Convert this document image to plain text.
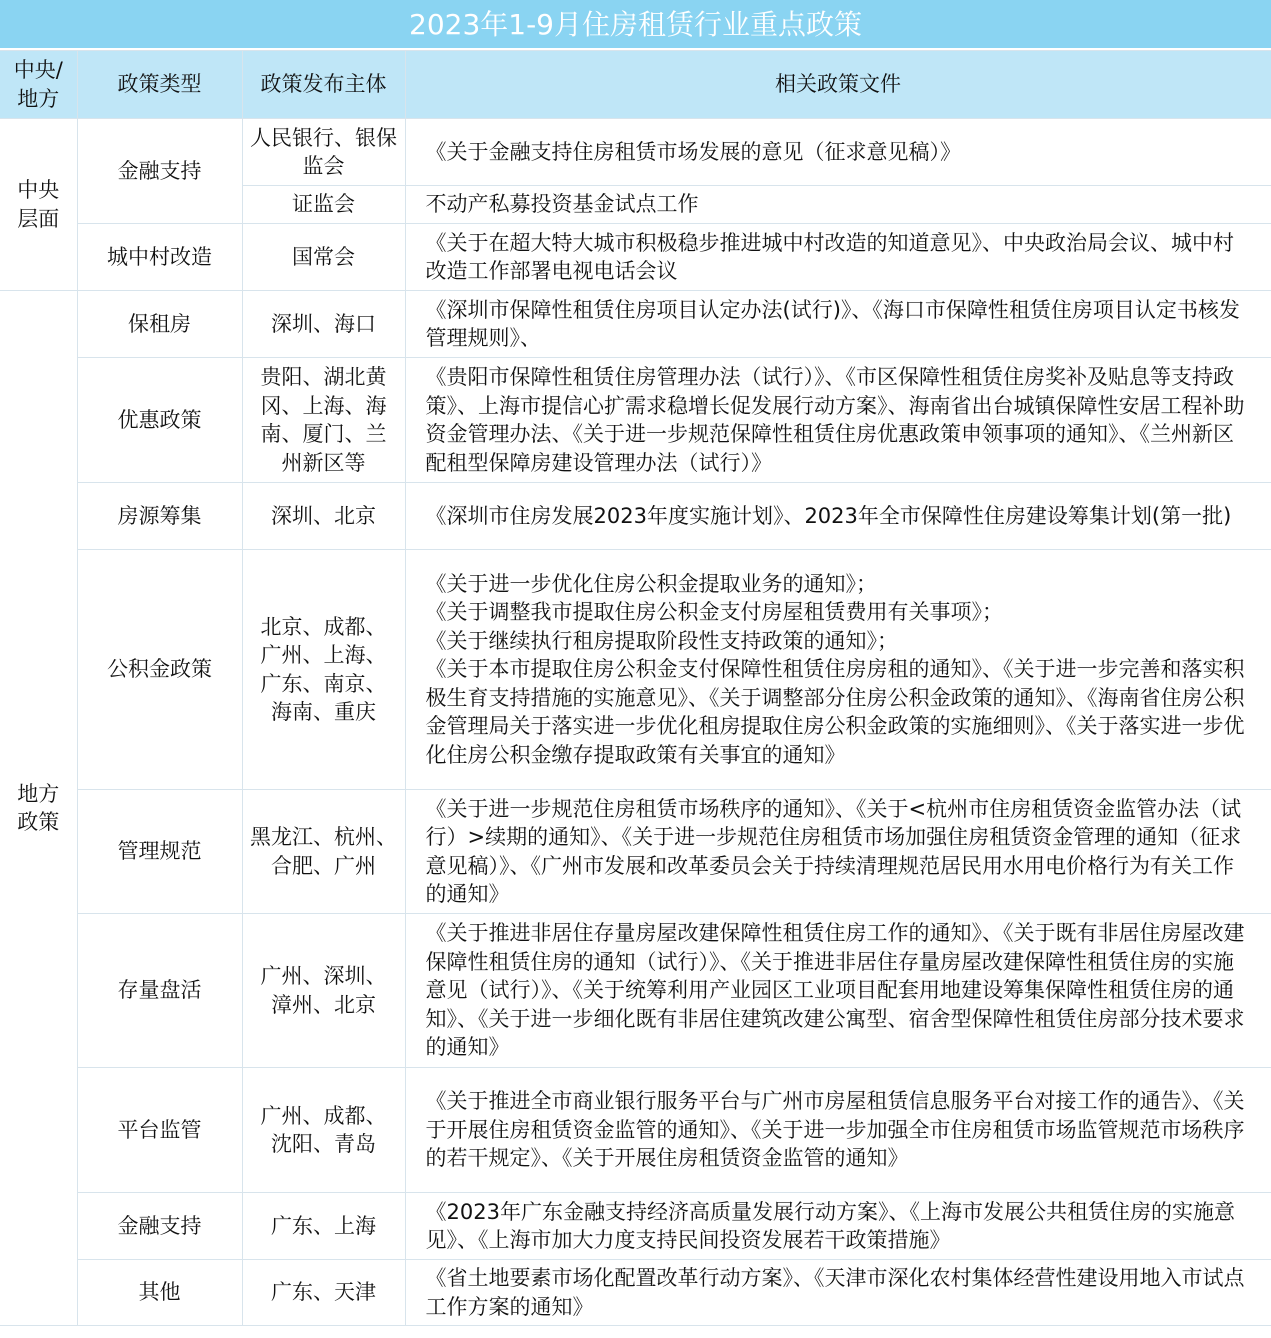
2023年1-9月住房租赁行业重点政策
中央/地方	政策类型	政策发布主体	相关政策文件
中央层面	金融支持	人民银行、银保监会	《关于金融支持住房租赁市场发展的意见（征求意见稿）》
		证监会	不动产私募投资基金试点工作
	城中村改造	国常会	《关于在超大特大城市积极稳步推进城中村改造的知道意见》、中央政治局会议、城中村改造工作部署电视电话会议
地方政策	保租房	深圳、海口	《深圳市保障性租赁住房项目认定办法(试行)》、《海口市保障性租赁住房项目认定书核发管理规则》、
	优惠政策	贵阳、湖北黄冈、上海、海南、厦门、兰州新区等	《贵阳市保障性租赁住房管理办法（试行）》、《市区保障性租赁住房奖补及贴息等支持政策》、上海市提信心扩需求稳增长促发展行动方案》、海南省出台城镇保障性安居工程补助资金管理办法、《关于进一步规范保障性租赁住房优惠政策申领事项的通知》、《兰州新区配租型保障房建设管理办法（试行）》
	房源筹集	深圳、北京	《深圳市住房发展2023年度实施计划》、2023年全市保障性住房建设筹集计划(第一批)
	公积金政策	北京、成都、广州、上海、广东、南京、海南、重庆	《关于进一步优化住房公积金提取业务的通知》；
《关于调整我市提取住房公积金支付房屋租赁费用有关事项》；
《关于继续执行租房提取阶段性支持政策的通知》；
《关于本市提取住房公积金支付保障性租赁住房房租的通知》、《关于进一步完善和落实积极生育支持措施的实施意见》、《关于调整部分住房公积金政策的通知》、《海南省住房公积金管理局关于落实进一步优化租房提取住房公积金政策的实施细则》、《关于落实进一步优化住房公积金缴存提取政策有关事宜的通知》

	管理规范	黑龙江、杭州、合肥、广州	《关于进一步规范住房租赁市场秩序的通知》、《关于<杭州市住房租赁资金监管办法（试行）>续期的通知》、《关于进一步规范住房租赁市场加强住房租赁资金管理的通知（征求意见稿）》、《广州市发展和改革委员会关于持续清理规范居民用水用电价格行为有关工作的通知》
	存量盘活	广州、深圳、漳州、北京	《关于推进非居住存量房屋改建保障性租赁住房工作的通知》、《关于既有非居住房屋改建保障性租赁住房的通知（试行）》、《关于推进非居住存量房屋改建保障性租赁住房的实施意见（试行）》、《关于统筹利用产业园区工业项目配套用地建设筹集保障性租赁住房的通知》、《关于进一步细化既有非居住建筑改建公寓型、宿舍型保障性租赁住房部分技术要求的通知》
	平台监管	广州、成都、沈阳、青岛	《关于推进全市商业银行服务平台与广州市房屋租赁信息服务平台对接工作的通告》、《关于开展住房租赁资金监管的通知》、《关于进一步加强全市住房租赁市场监管规范市场秩序的若干规定》、《关于开展住房租赁资金监管的通知》
	金融支持	广东、上海	《2023年广东金融支持经济高质量发展行动方案》、《上海市发展公共租赁住房的实施意见》、《上海市加大力度支持民间投资发展若干政策措施》
	其他	广东、天津	《省土地要素市场化配置改革行动方案》、《天津市深化农村集体经营性建设用地入市试点工作方案的通知》
